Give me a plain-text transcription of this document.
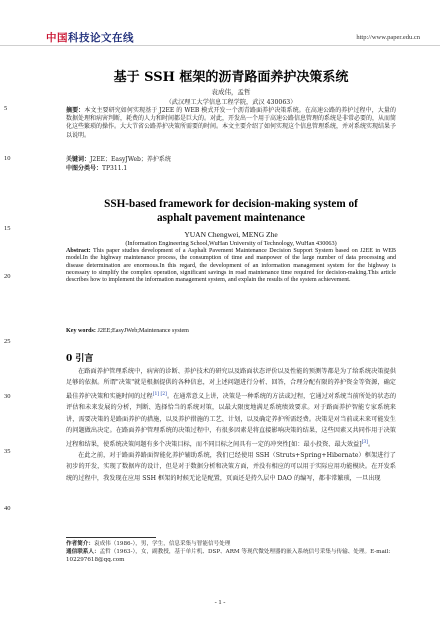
中国 科技论文在线	http://www.paper.edu.cn
5
10
15
20
25
30
35
40
基于 SSH 框架的沥青路面养护决策系统
袁成伟，孟哲
（武汉理工大学信息工程学院，武汉 430063）
摘要：本文主要研究如何实现基于 J2EE 的 WEB 模式开发一个沥青路面养护决策系统。在高速公路的养护过程中，大量的数据处理和病害判断，耗费的人力和时间都是巨大的。对此，开发出一个用于高速公路信息管理的系统是非常必要的，从而简化这些繁琐的操作。大大节省公路养护决策所需要的时间。本文主要介绍了如何实现这个信息管理系统，并对系统实现结果予以说明。
关键词：J2EE；EasyJWeb；养护系统
中图分类号：TP311.1
SSH-based framework for decision-making system of
asphalt pavement maintenance
YUAN Chengwei, MENG Zhe
(Information Engineering School,WuHan University of Technology, WuHan 430063)
Abstract: This paper studies development of a Asphalt Pavement Maintenance Decision Support System based on J2EE in WEB model.In the highway maintenance process, the consumption of time and manpower of the large number of data processing and disease determination are enormous.In this regard, the development of an information management system for the highway is necessary to simplify the complex operation, significant savings in road maintenance time required for decision-making.This article describes how to implement the information management system, and explain the results of the system achievement.
Key words: J2EE;EasyJWeb;Maintenance system
0 引言

在路面养护管理系统中，病害的诊断、养护技术的研究以及路面状态评价以及性能的预测等都是为了给系统决策提供足够的依据。所谓"决策"就是根据提供的各种信息，对上述问题进行分析、回答，合理分配有限的养护资金等资源，确定最佳养护决策和实施时间的过程[1] [2]。在通常意义上讲，决策是一种系统的方法或过程，它通过对系统当前所处的状态的评估和未来发展的分析，判断、选择恰当的系统对策，以最大限度地满足系统绩效要求。对于路面养护智能专家系统来讲，需要决策的是路面养护的措施，以及养护措施的工艺、计划，以及确定养护所需经费。决策是对当前或未来可能发生的问题做出决定。在路面养护管理系统的决策过程中，有很多因素是将直接影响决策的结果，这些因素又共同作用于决策过程和结果，使系统决策问题有多个决策目标，而不同目标之间具有一定的冲突性[如：最小投资、最大效益][3]。

在此之前，对于路面养路面智能化养护辅助系统，我们已经使用 SSH（Struts+Spring+Hibernate）框架进行了初步的开发，实现了数据库的设计，但是对于数据分析和决策方面，并没有相应的可以用于实际应用功能模块。在开发系统的过程中，我发现在应用 SSH 框架的时候无论是配置，页面还是持久层中 DAO 的编写，都非常繁琐，一旦出现

作者简介：袁成伟（1986-），男，学生，信息采集与智能信号处理
通信联系人：孟哲（1963-），女，副教授，基于单片机、DSP、ARM 等现代微处理器的嵌入系统信号采集与传输、处理。E-mail: 102297618@qq.com
- 1 -
